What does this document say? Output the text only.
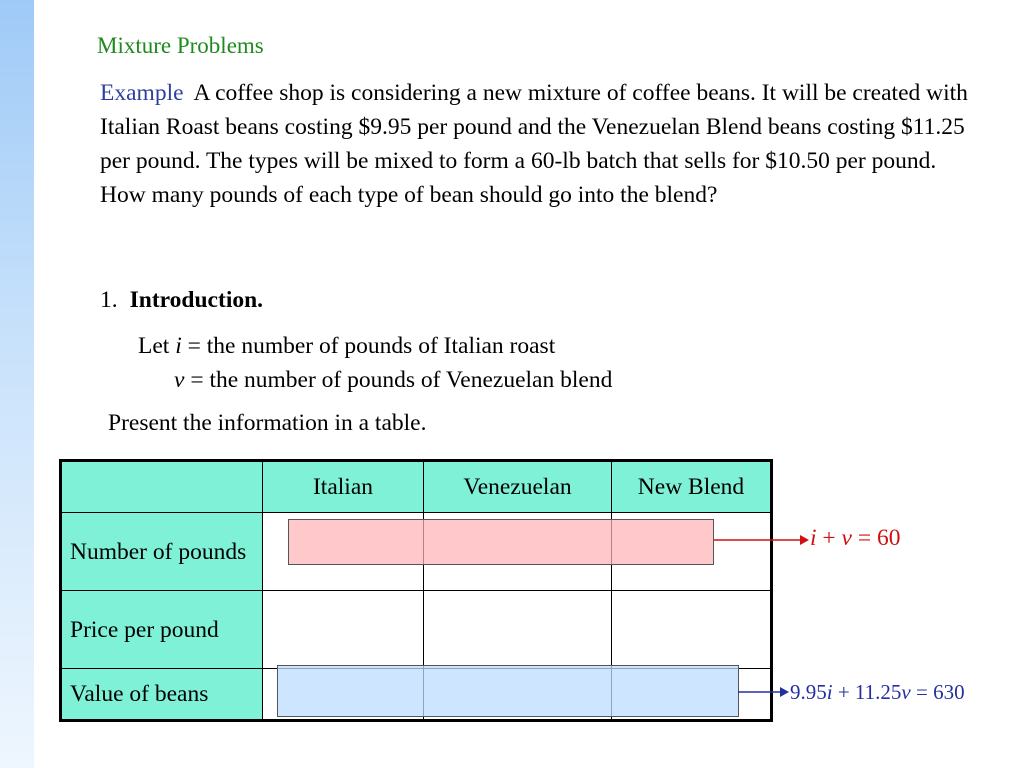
Mixture Problems
Example A coffee shop is considering a new mixture of coffee beans. It will be created with Italian Roast beans costing $9.95 per pound and the Venezuelan Blend beans costing $11.25 per pound. The types will be mixed to form a 60-lb batch that sells for $10.50 per pound. How many pounds of each type of bean should go into the blend?
1. Introduction.
Let i = the number of pounds of Italian roast
v = the number of pounds of Venezuelan blend
Present the information in a table.
	Italian	Venezuelan	New Blend
Number of pounds			
Price per pound			
Value of beans			
i + v = 60
9.95i + 11.25v = 630
